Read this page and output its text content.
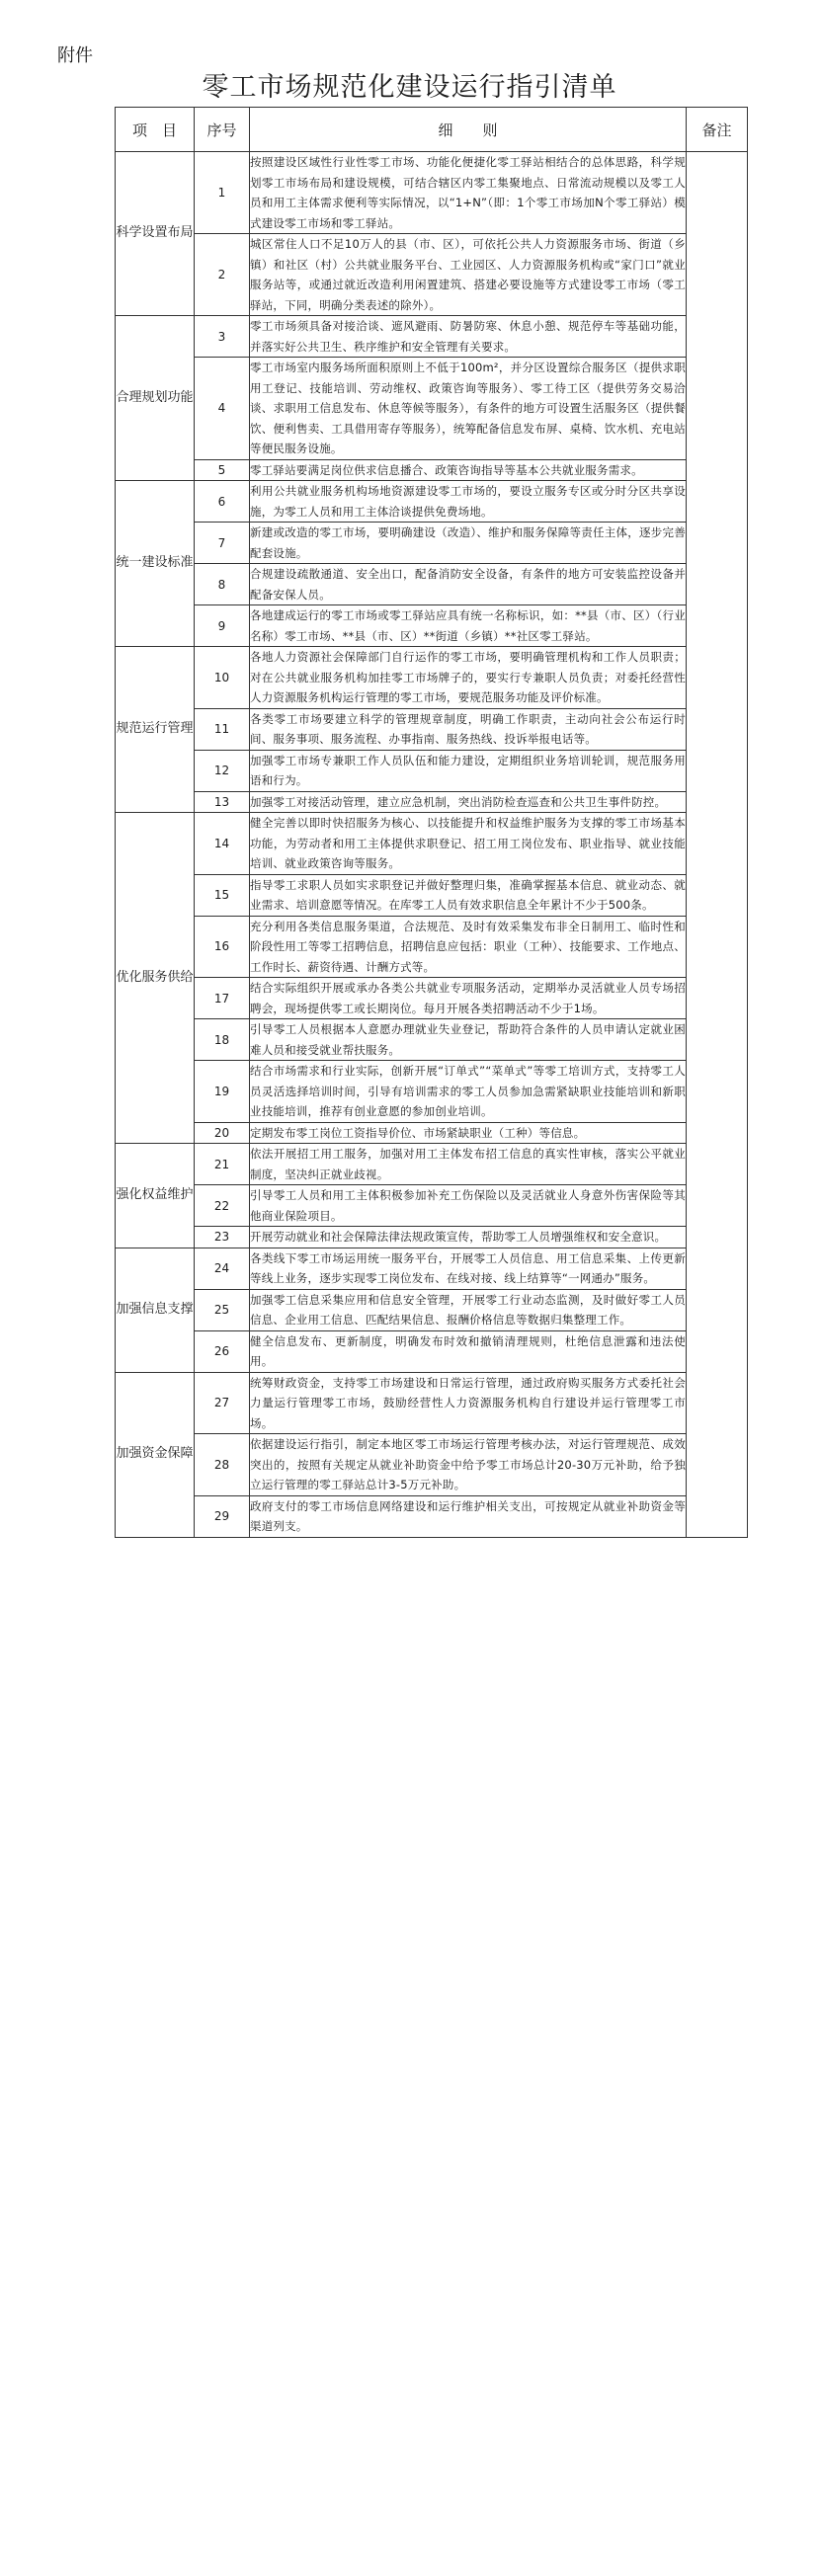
附件
零工市场规范化建设运行指引清单
项　目	序号	细　　则	备注
科学设置布局	1	按照建设区域性行业性零工市场、功能化便捷化零工驿站相结合的总体思路，科学规划零工市场布局和建设规模，可结合辖区内零工集聚地点、日常流动规模以及零工人员和用工主体需求便利等实际情况，以“1+N”（即：1个零工市场加N个零工驿站）模式建设零工市场和零工驿站。	
	2	城区常住人口不足10万人的县（市、区），可依托公共人力资源服务市场、街道（乡镇）和社区（村）公共就业服务平台、工业园区、人力资源服务机构或“家门口”就业服务站等，或通过就近改造利用闲置建筑、搭建必要设施等方式建设零工市场（零工驿站，下同，明确分类表述的除外）。	
合理规划功能	3	零工市场须具备对接洽谈、遮风避雨、防暑防寒、休息小憩、规范停车等基础功能，并落实好公共卫生、秩序维护和安全管理有关要求。	
	4	零工市场室内服务场所面积原则上不低于100m²，并分区设置综合服务区（提供求职用工登记、技能培训、劳动维权、政策咨询等服务）、零工待工区（提供劳务交易洽谈、求职用工信息发布、休息等候等服务），有条件的地方可设置生活服务区（提供餐饮、便利售卖、工具借用寄存等服务），统筹配备信息发布屏、桌椅、饮水机、充电站等便民服务设施。	
	5	零工驿站要满足岗位供求信息播合、政策咨询指导等基本公共就业服务需求。	
统一建设标准	6	利用公共就业服务机构场地资源建设零工市场的，要设立服务专区或分时分区共享设施，为零工人员和用工主体洽谈提供免费场地。	
	7	新建或改造的零工市场，要明确建设（改造）、维护和服务保障等责任主体，逐步完善配套设施。	
	8	合规建设疏散通道、安全出口，配备消防安全设备，有条件的地方可安装监控设备并配备安保人员。	
	9	各地建成运行的零工市场或零工驿站应具有统一名称标识，如：**县（市、区）（行业名称）零工市场、**县（市、区）**街道（乡镇）**社区零工驿站。	
规范运行管理	10	各地人力资源社会保障部门自行运作的零工市场，要明确管理机构和工作人员职责；对在公共就业服务机构加挂零工市场牌子的，要实行专兼职人员负责；对委托经营性人力资源服务机构运行管理的零工市场，要规范服务功能及评价标准。	
	11	各类零工市场要建立科学的管理规章制度，明确工作职责，主动向社会公布运行时间、服务事项、服务流程、办事指南、服务热线、投诉举报电话等。	
	12	加强零工市场专兼职工作人员队伍和能力建设，定期组织业务培训轮训，规范服务用语和行为。	
	13	加强零工对接活动管理，建立应急机制，突出消防检查巡查和公共卫生事件防控。	
优化服务供给	14	健全完善以即时快招服务为核心、以技能提升和权益维护服务为支撑的零工市场基本功能，为劳动者和用工主体提供求职登记、招工用工岗位发布、职业指导、就业技能培训、就业政策咨询等服务。	
	15	指导零工求职人员如实求职登记并做好整理归集，准确掌握基本信息、就业动态、就业需求、培训意愿等情况。在库零工人员有效求职信息全年累计不少于500条。	
	16	充分利用各类信息服务渠道，合法规范、及时有效采集发布非全日制用工、临时性和阶段性用工等零工招聘信息，招聘信息应包括：职业（工种）、技能要求、工作地点、工作时长、薪资待遇、计酬方式等。	
	17	结合实际组织开展或承办各类公共就业专项服务活动，定期举办灵活就业人员专场招聘会，现场提供零工或长期岗位。每月开展各类招聘活动不少于1场。	
	18	引导零工人员根据本人意愿办理就业失业登记，帮助符合条件的人员申请认定就业困难人员和接受就业帮扶服务。	
	19	结合市场需求和行业实际，创新开展“订单式”“菜单式”等零工培训方式，支持零工人员灵活选择培训时间，引导有培训需求的零工人员参加急需紧缺职业技能培训和新职业技能培训，推荐有创业意愿的参加创业培训。	
	20	定期发布零工岗位工资指导价位、市场紧缺职业（工种）等信息。	
强化权益维护	21	依法开展招工用工服务，加强对用工主体发布招工信息的真实性审核，落实公平就业制度，坚决纠正就业歧视。	
	22	引导零工人员和用工主体积极参加补充工伤保险以及灵活就业人身意外伤害保险等其他商业保险项目。	
	23	开展劳动就业和社会保障法律法规政策宣传，帮助零工人员增强维权和安全意识。	
加强信息支撑	24	各类线下零工市场运用统一服务平台，开展零工人员信息、用工信息采集、上传更新等线上业务，逐步实现零工岗位发布、在线对接、线上结算等“一网通办”服务。	
	25	加强零工信息采集应用和信息安全管理，开展零工行业动态监测，及时做好零工人员信息、企业用工信息、匹配结果信息、报酬价格信息等数据归集整理工作。	
	26	健全信息发布、更新制度，明确发布时效和撤销清理规则，杜绝信息泄露和违法使用。	
加强资金保障	27	统筹财政资金，支持零工市场建设和日常运行管理，通过政府购买服务方式委托社会力量运行管理零工市场，鼓励经营性人力资源服务机构自行建设并运行管理零工市场。	
	28	依据建设运行指引，制定本地区零工市场运行管理考核办法，对运行管理规范、成效突出的，按照有关规定从就业补助资金中给予零工市场总计20-30万元补助，给予独立运行管理的零工驿站总计3-5万元补助。	
	29	政府支付的零工市场信息网络建设和运行维护相关支出，可按规定从就业补助资金等渠道列支。	
